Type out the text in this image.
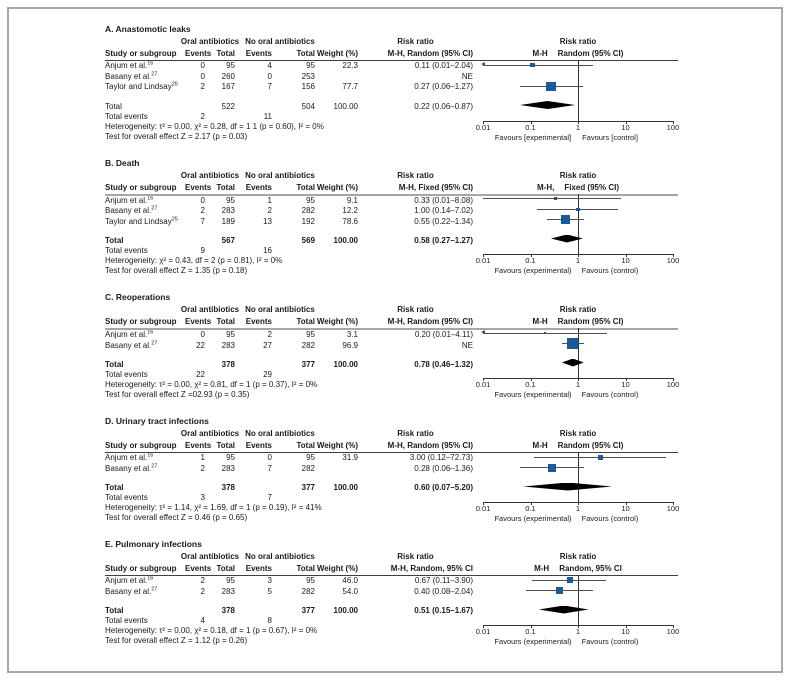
A. Anastomotic leaks
Oral antibiotics No oral antibiotics	Risk ratio	Risk ratio
Study or subgroup	Events Total	Events	Total Weight (%)	M-H, Random (95% CI)	M-H Random (95% CI)
Anjum et al.$^{16}$	0	95	4	95	22.3	0.11 (0.01–2.04)
Basany et al.$^{27}$	0	260	0	253	NE
Taylor and Lindsay$^{25}$	2	167	7	156	77.7	0.27 (0.06–1.27)
Total	522	504	100.00	0.22 (0.06–0.87)
Total events	2	11
Heterogeneity: τ² = 0.00, χ² = 0.28, df = 1 1 (p = 0.60), I² = 0%
Test for overall effect Z = 2.17 (p = 0.03)
0.01	0.1	1	10	100
Favours [experimental] Favours [control]
B. Death
Oral antibiotics No oral antibiotics	Risk ratio	Risk ratio
Study or subgroup	Events Total	Events	Total Weight (%)	M-H, Fixed (95% CI)	M-H, Fixed (95% CI)
Anjum et al.$^{16}$	0	95	1	95	9.1	0.33 (0.01–8.08)
Basany et al.$^{27}$	2	283	2	282	12.2	1.00 (0.14–7.02)
Taylor and Lindsay$^{25}$	7	189	13	192	78.6	0.55 (0.22–1.34)
Total	567	569	100.00	0.58 (0.27–1.27)
Total events	9	16
Heterogeneity: χ² = 0.43, df = 2 (p = 0.81), I² = 0%
Test for overall effect Z = 1.35 (p = 0.18)
0.01	0.1	1	10	100
Favours (experimental) Favours (control)
C. Reoperations
Oral antibiotics No oral antibiotics	Risk ratio	Risk ratio
Study or subgroup	Events Total	Events	Total Weight (%)	M-H, Random (95% CI)	M-H Random (95% CI)
Anjum et al.$^{16}$	0	95	2	95	3.1	0.20 (0.01–4.11)
Basany et al.$^{27}$	22	283	27	282	96.9	NE
Total	378	377	100.00	0.78 (0.46–1.32)
Total events	22	29
Heterogeneity: τ² = 0.00, χ² = 0.81, df = 1 (p = 0.37), I² = 0%
Test for overall effect Z =02.93 (p = 0.35)
0.01	0.1	1	10	100
Favours (experimental) Favours (control)
D. Urinary tract infections
Oral antibiotics No oral antibiotics	Risk ratio	Risk ratio
Study or subgroup	Events Total	Events	Total Weight (%)	M-H, Random (95% CI)	M-H Random (95% CI)
Anjum et al.$^{16}$	1	95	0	95	31.9	3.00 (0.12–72.73)
Basany et al.$^{27}$	2	283	7	282	0.28 (0.06–1.36)
Total	378	377	100.00	0.60 (0.07–5.20)
Total events	3	7
Heterogeneity: τ² = 1.14, χ² = 1.69, df = 1 (p = 0.19), I² = 41%
Test for overall effect Z = 0.46 (p = 0.65)
0.01	0.1	1	10	100
Favours (experimental) Favours (control)
E. Pulmonary infections
Oral antibiotics No oral antibiotics	Risk ratio	Risk ratio
Study or subgroup	Events Total	Events	Total Weight (%)	M-H, Random, 95% CI	M-H Random, 95% CI
Anjum et al.$^{16}$	2	95	3	95	46.0	0.67 (0.11–3.90)
Basany et al.$^{27}$	2	283	5	282	54.0	0.40 (0.08–2.04)
Total	378	377	100.00	0.51 (0.15–1.67)
Total events	4	8
Heterogeneity: τ² = 0.00, χ² = 0.18, df = 1 (p = 0.67), I² = 0%
Test for overall effect Z = 1.12 (p = 0.26)
0.01	0.1	1	10	100
Favours (experimental) Favours (control)
